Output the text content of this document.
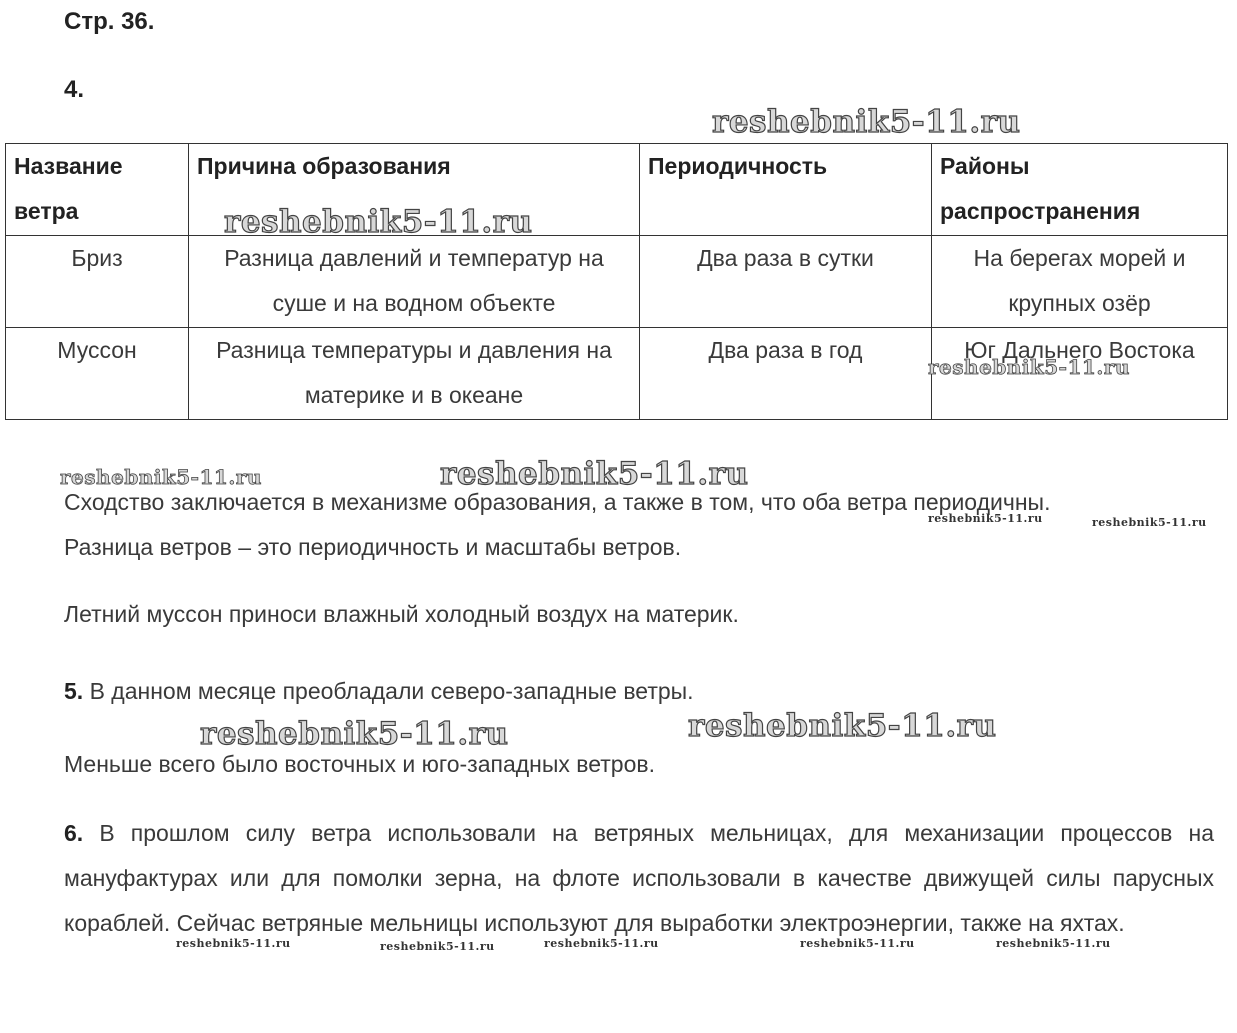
Стр. 36.
4.
Название ветра	Причина образования	Периодичность	Районы распространения
Бриз	Разница давлений и температур на суше и на водном объекте	Два раза в сутки	На берегах морей и крупных озёр
Муссон	Разница температуры и давления на материке и в океане	Два раза в год	Юг Дальнего Востока
Сходство заключается в механизме образования, а также в том, что оба ветра периодичны.
Разница ветров – это периодичность и масштабы ветров.
Летний муссон приноси влажный холодный воздух на материк.
5. В данном месяце преобладали северо-западные ветры.
Меньше всего было восточных и юго-западных ветров.
6. В прошлом силу ветра использовали на ветряных мельницах, для механизации процессов на мануфактурах или для помолки зерна, на флоте использовали в качестве движущей силы парусных кораблей. Сейчас ветряные мельницы используют для выработки электроэнергии, также на яхтах.
reshebnik5-11.ru
reshebnik5-11.ru
reshebnik5-11.ru
reshebnik5-11.ru	reshebnik5-11.ru
reshebnik5-11.ru	reshebnik5-11.ru
reshebnik5-11.ru	reshebnik5-11.ru
reshebnik5-11.ru	reshebnik5-11.ru	reshebnik5-11.ru	reshebnik5-11.ru	reshebnik5-11.ru
